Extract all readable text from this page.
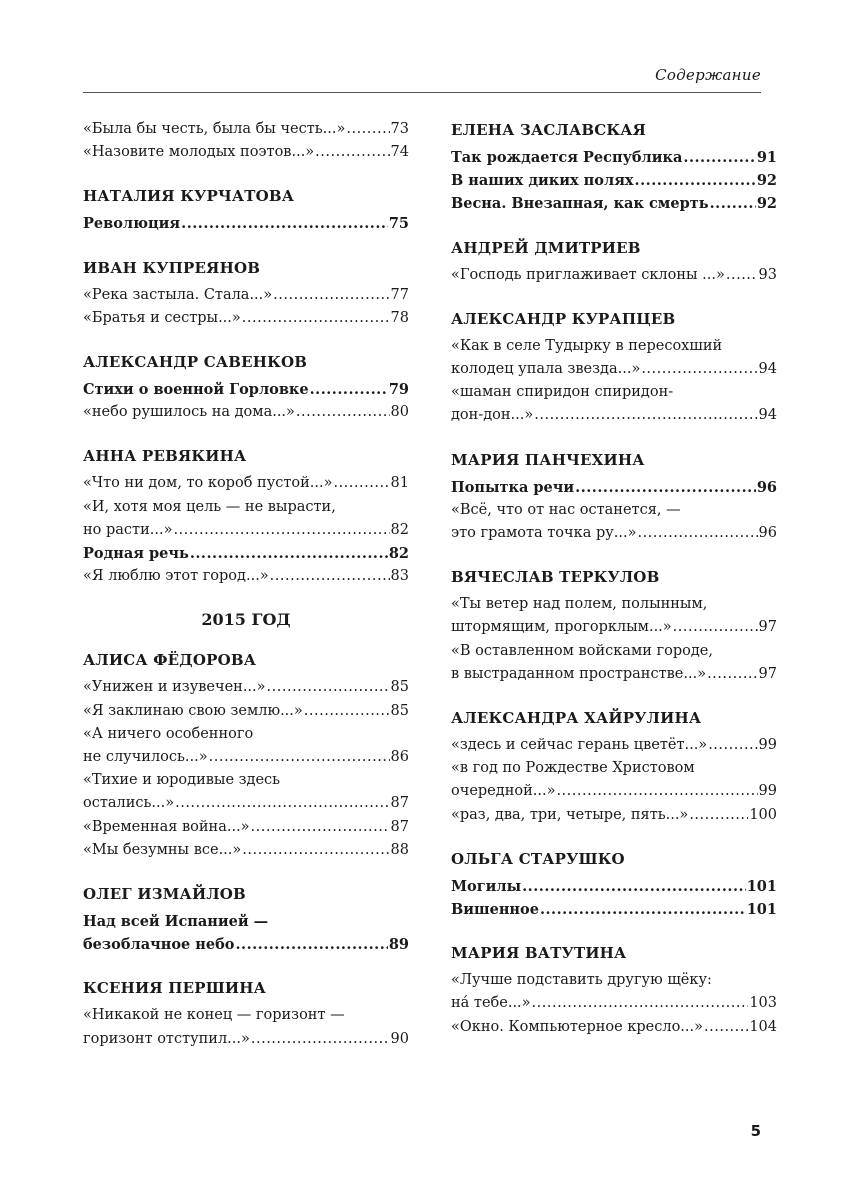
Содержание
«Была бы честь, была бы честь...» .....	73
«Назовите молодых поэтов...» .....	74
НАТАЛИЯ КУРЧАТОВА
Революция .....	75
ИВАН КУПРЕЯНОВ
«Река застыла. Стала...» .....	77
«Братья и сестры...» .....	78
АЛЕКСАНДР САВЕНКОВ
Стихи о военной Горловке .....	79
«небо рушилось на дома...» .....	80
АННА РЕВЯКИНА
«Что ни дом, то короб пустой...» .....	81
«И, хотя моя цель — не вырасти,
но расти...» .....	82
Родная речь .....	82
«Я люблю этот город...» .....	83
2015 ГОД
АЛИСА ФЁДОРОВА
«Унижен и изувечен...» .....	85
«Я заклинаю свою землю...» .....	85
«А ничего особенного
не случилось...» .....	86
«Тихие и юродивые здесь
остались...» .....	87
«Временная война...» .....	87
«Мы безумны все...» .....	88
ОЛЕГ ИЗМАЙЛОВ
Над всей Испанией —
безоблачное небо .....	89
КСЕНИЯ ПЕРШИНА
«Никакой не конец — горизонт —
горизонт отступил...» .....	90
ЕЛЕНА ЗАСЛАВСКАЯ
Так рождается Республика .....	91
В наших диких полях .....	92
Весна. Внезапная, как смерть .....	92
АНДРЕЙ ДМИТРИЕВ
«Господь приглаживает склоны ...» ..... 93
АЛЕКСАНДР КУРАПЦЕВ
«Как в селе Тудырку в пересохший
колодец упала звезда...» .....	94
«шаман спиридон спиридон-
дон-дон...» .....	94
МАРИЯ ПАНЧЕХИНА
Попытка речи .....	96
«Всё, что от нас останется, —
это грамота точка ру...» .....	96
ВЯЧЕСЛАВ ТЕРКУЛОВ
«Ты ветер над полем, полынным,
штормящим, прогорклым...» .....	97
«В оставленном войсками городе,
в выстраданном пространстве...» .....	97
АЛЕКСАНДРА ХАЙРУЛИНА
«здесь и сейчас герань цветёт...» .....	99
«в год по Рождестве Христовом
очередной...» .....	99
«раз, два, три, четыре, пять...» .....	100
ОЛЬГА СТАРУШКО
Могилы .....	101
Вишенное .....	101
МАРИЯ ВАТУТИНА
«Лучше подставить другую щёку:
на́ тебе...» .....	103
«Окно. Компьютерное кресло...» .....	104
5
